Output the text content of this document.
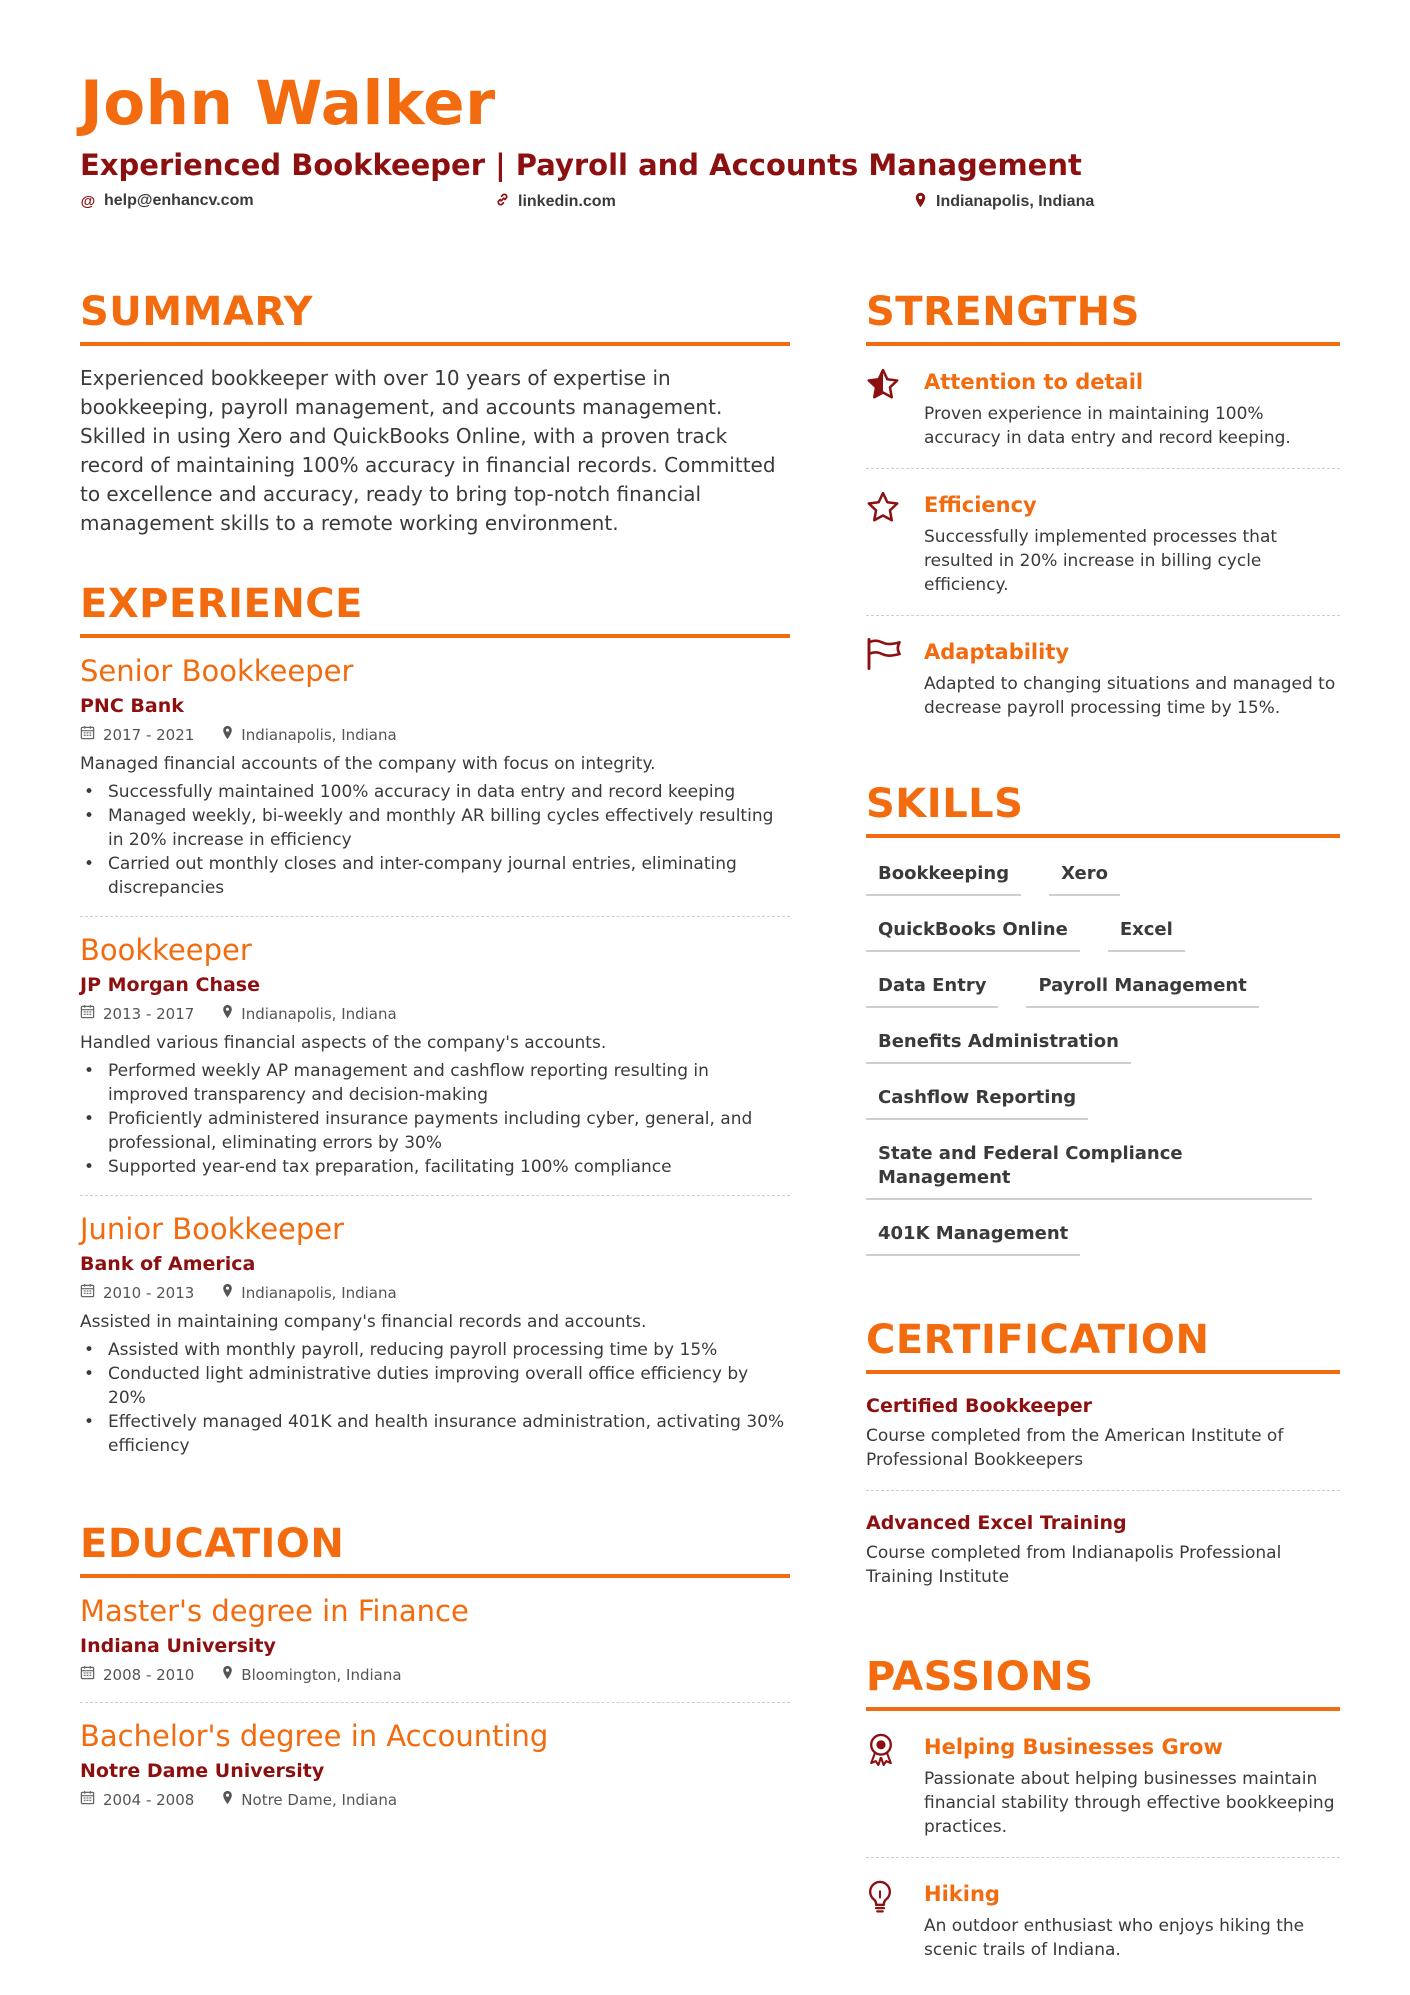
John Walker
Experienced Bookkeeper | Payroll and Accounts Management
@ help@enhancv.com	linkedin.com	Indianapolis, Indiana
SUMMARY
Experienced bookkeeper with over 10 years of expertise in bookkeeping, payroll management, and accounts management. Skilled in using Xero and QuickBooks Online, with a proven track record of maintaining 100% accuracy in financial records. Committed to excellence and accuracy, ready to bring top-notch financial management skills to a remote working environment.
EXPERIENCE
Senior Bookkeeper
PNC Bank
2017 - 2021	Indianapolis, Indiana
Managed financial accounts of the company with focus on integrity.
• Successfully maintained 100% accuracy in data entry and record keeping
• Managed weekly, bi-weekly and monthly AR billing cycles effectively resulting in 20% increase in efficiency
• Carried out monthly closes and inter-company journal entries, eliminating discrepancies
Bookkeeper
JP Morgan Chase
2013 - 2017	Indianapolis, Indiana
Handled various financial aspects of the company's accounts.
• Performed weekly AP management and cashflow reporting resulting in improved transparency and decision-making
• Proficiently administered insurance payments including cyber, general, and professional, eliminating errors by 30%
• Supported year-end tax preparation, facilitating 100% compliance
Junior Bookkeeper
Bank of America
2010 - 2013	Indianapolis, Indiana
Assisted in maintaining company's financial records and accounts.
• Assisted with monthly payroll, reducing payroll processing time by 15%
• Conducted light administrative duties improving overall office efficiency by 20%
• Effectively managed 401K and health insurance administration, activating 30% efficiency
EDUCATION
Master's degree in Finance
Indiana University
2008 - 2010	Bloomington, Indiana
Bachelor's degree in Accounting
Notre Dame University
2004 - 2008	Notre Dame, Indiana
STRENGTHS
Attention to detail
Proven experience in maintaining 100% accuracy in data entry and record keeping.
Efficiency
Successfully implemented processes that resulted in 20% increase in billing cycle efficiency.
Adaptability
Adapted to changing situations and managed to decrease payroll processing time by 15%.
SKILLS
Bookkeeping	Xero
QuickBooks Online	Excel
Data Entry	Payroll Management
Benefits Administration
Cashflow Reporting
State and Federal Compliance Management
401K Management
CERTIFICATION
Certified Bookkeeper
Course completed from the American Institute of Professional Bookkeepers
Advanced Excel Training
Course completed from Indianapolis Professional Training Institute
PASSIONS
Helping Businesses Grow
Passionate about helping businesses maintain financial stability through effective bookkeeping practices.
Hiking
An outdoor enthusiast who enjoys hiking the scenic trails of Indiana.
